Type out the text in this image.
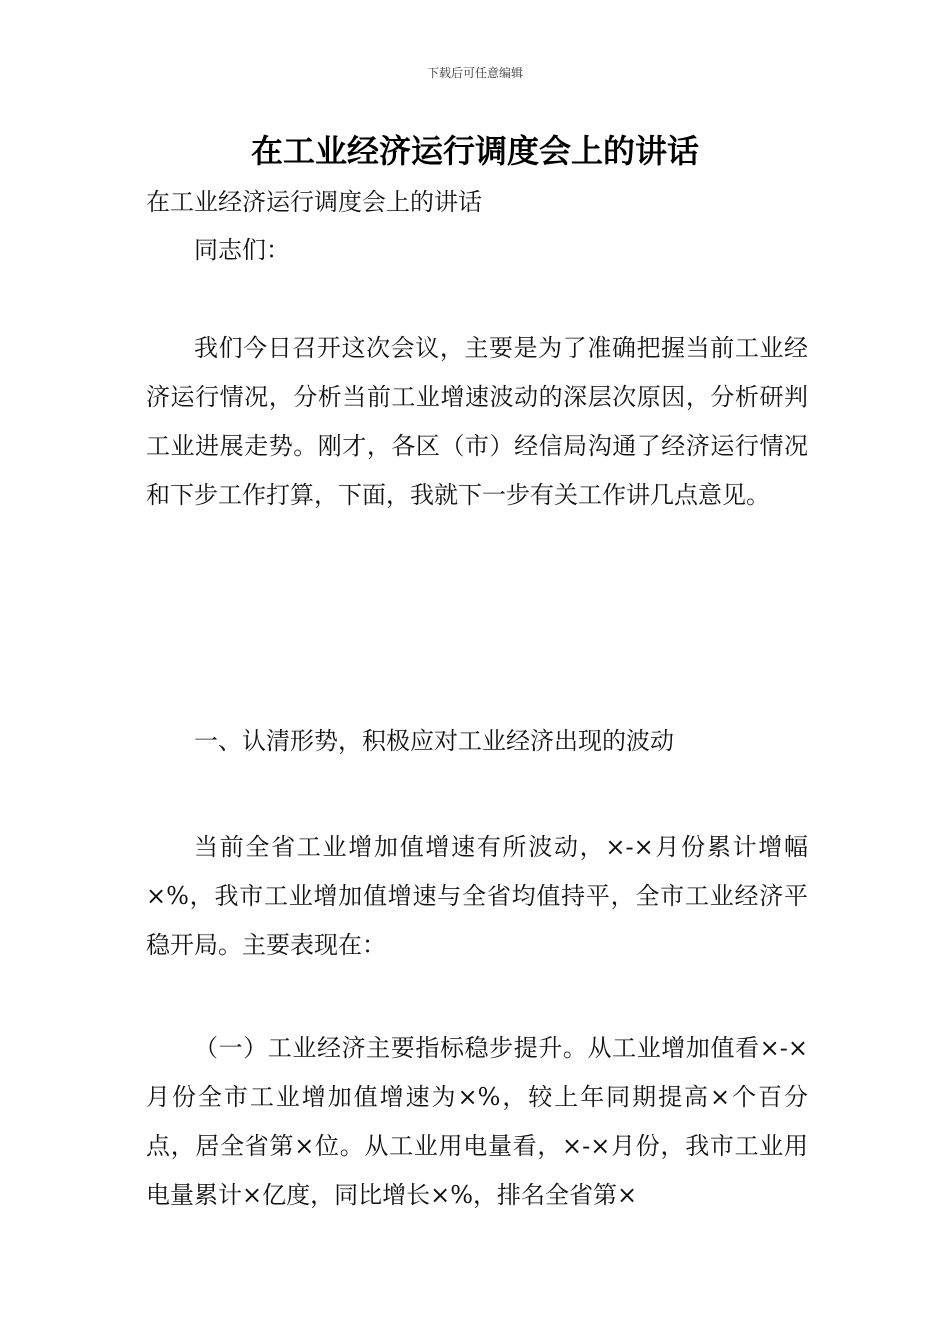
下载后可任意编辑
在工业经济运行调度会上的讲话
在工业经济运行调度会上的讲话
同志们：
我们今日召开这次会议，主要是为了准确把握当前工业经济运行情况，分析当前工业增速波动的深层次原因，分析研判工业进展走势。刚才，各区（市）经信局沟通了经济运行情况和下步工作打算，下面，我就下一步有关工作讲几点意见。
一、认清形势，积极应对工业经济出现的波动
当前全省工业增加值增速有所波动，×-×月份累计增幅×%，我市工业增加值增速与全省均值持平，全市工业经济平稳开局。主要表现在：
（一）工业经济主要指标稳步提升。从工业增加值看×-×月份全市工业增加值增速为×%，较上年同期提高×个百分点，居全省第×位。从工业用电量看，×-×月份，我市工业用电量累计×亿度，同比增长×%，排名全省第×
